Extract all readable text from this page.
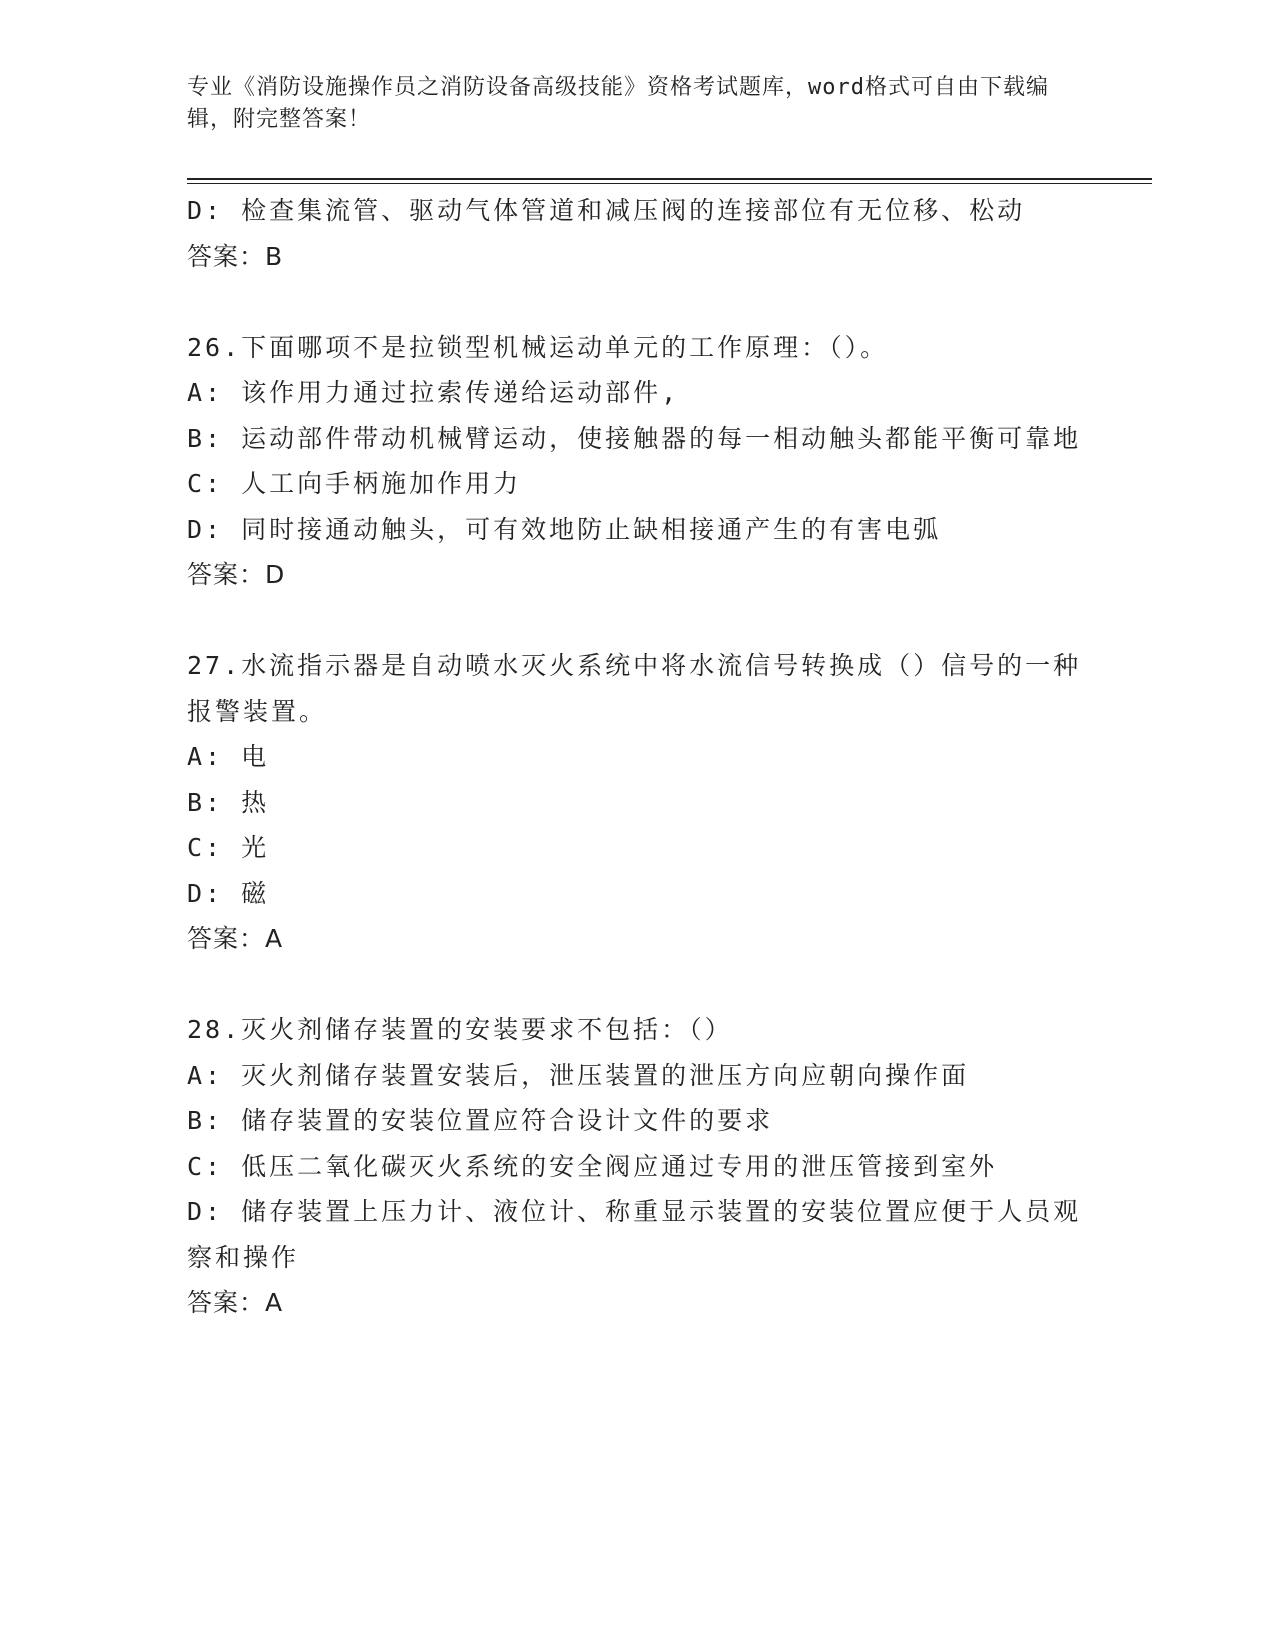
专业《消防设施操作员之消防设备高级技能》资格考试题库，word格式可自由下载编辑，附完整答案！
D: 检查集流管、驱动气体管道和减压阀的连接部位有无位移、松动
答案：B
26.下面哪项不是拉锁型机械运动单元的工作原理：（）。
A: 该作用力通过拉索传递给运动部件,
B: 运动部件带动机械臂运动，使接触器的每一相动触头都能平衡可靠地
C: 人工向手柄施加作用力
D: 同时接通动触头，可有效地防止缺相接通产生的有害电弧
答案：D
27.水流指示器是自动喷水灭火系统中将水流信号转换成（）信号的一种报警装置。
A: 电
B: 热
C: 光
D: 磁
答案：A
28.灭火剂储存装置的安装要求不包括：（）
A: 灭火剂储存装置安装后，泄压装置的泄压方向应朝向操作面
B: 储存装置的安装位置应符合设计文件的要求
C: 低压二氧化碳灭火系统的安全阀应通过专用的泄压管接到室外
D: 储存装置上压力计、液位计、称重显示装置的安装位置应便于人员观察和操作
答案：A
